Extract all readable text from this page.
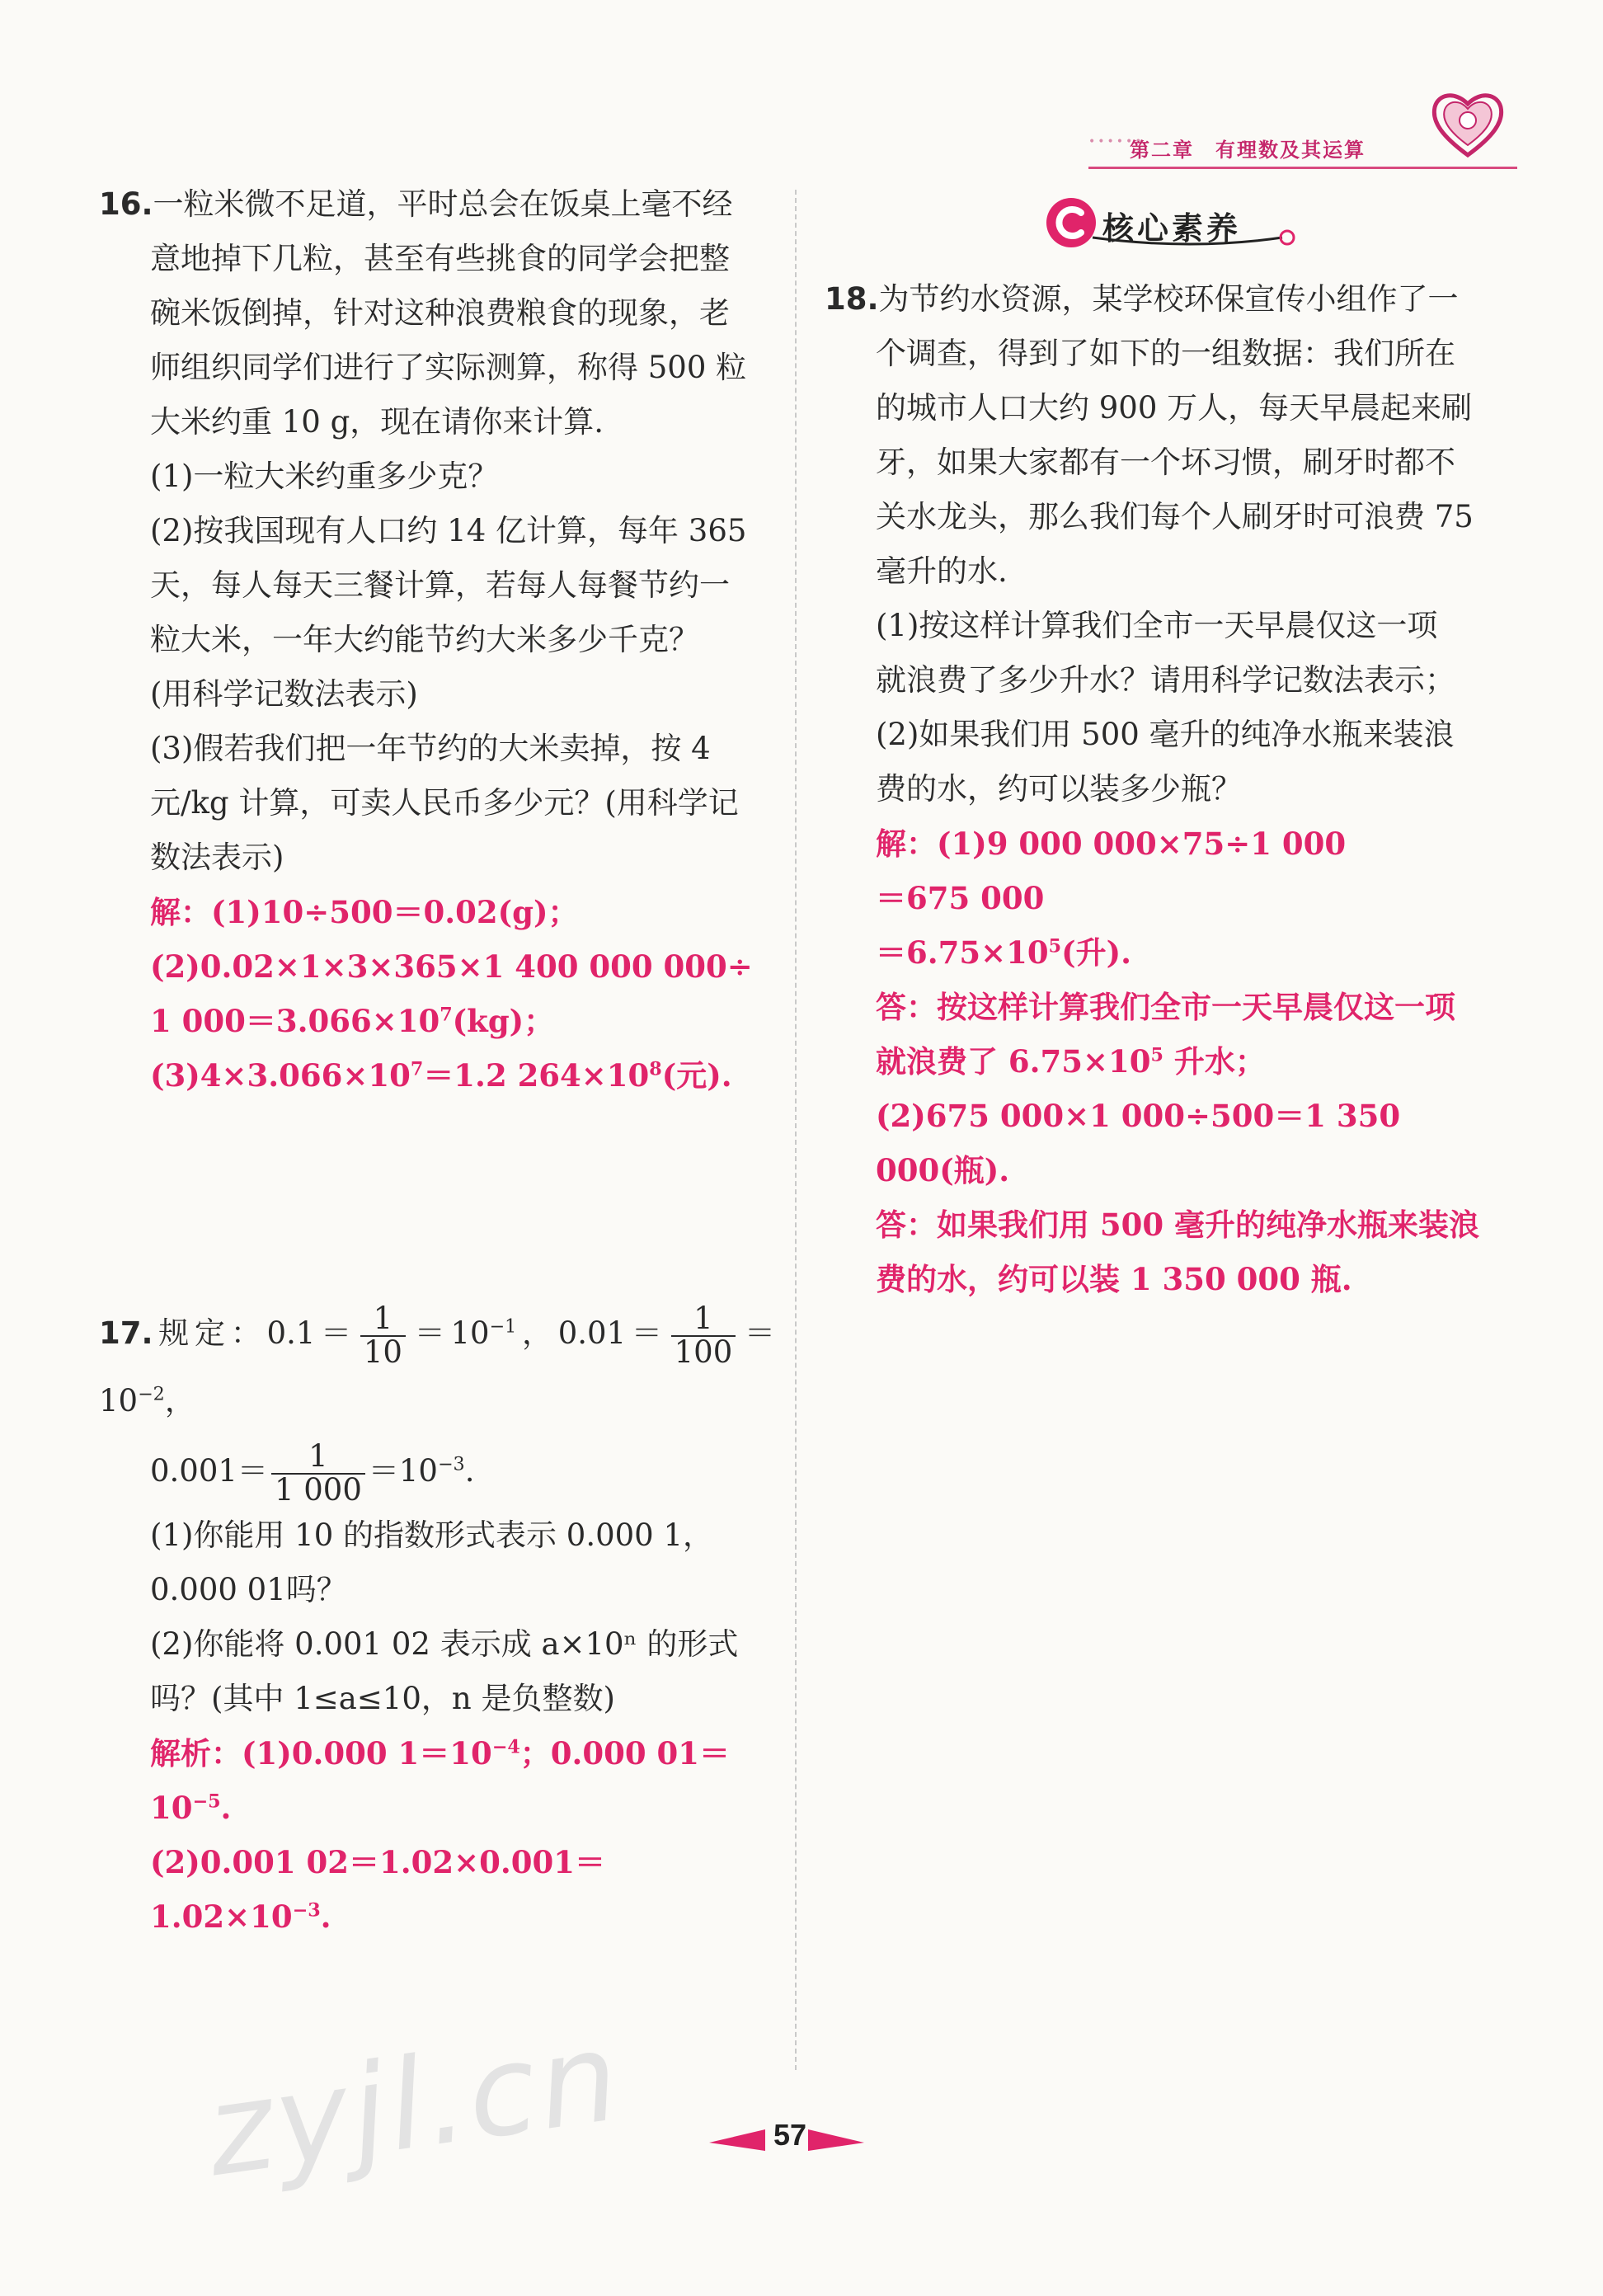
••••••
第二章　有理数及其运算

16.一粒米微不足道，平时总会在饭桌上毫不经

意地掉下几粒，甚至有些挑食的同学会把整

碗米饭倒掉，针对这种浪费粮食的现象，老

师组织同学们进行了实际测算，称得 500 粒

大米约重 10 g，现在请你来计算.

(1)一粒大米约重多少克？

(2)按我国现有人口约 14 亿计算，每年 365

天，每人每天三餐计算，若每人每餐节约一

粒大米，一年大约能节约大米多少千克？

(用科学记数法表示)

(3)假若我们把一年节约的大米卖掉，按 4

元/kg 计算，可卖人民币多少元？(用科学记

数法表示)

解：(1)10÷500＝0.02(g)；
(2)0.02×1×3×365×1 400 000 000÷
1 $000=3.066\times 10^7(kg)$；
$(3)4\times 3.066\times 10^7=1.2$ $264\times 10^8$(元).

17.规定：$0.1= \frac{1}{10} =10^{-1}$，$0.01= \frac{1}{100} =10^{-2}$，

$0.001= \frac{1}{1 000} =10^{-3}$.

(1)你能用 10 的指数形式表示 0.000 1，

0.000 01吗？

(2)你能将 0.001 02 表示成 a×10ⁿ 的形式

吗？(其中 1≤a≤10，n 是负整数)

解析：(1)0.000 $1=10^{-4}$；0.000 $01=10^{-5}$.
(2)0.001 $02=1.02\times 0.001=1.02\times 10^{-3}$.
核心素养

18.为节约水资源，某学校环保宣传小组作了一

个调查，得到了如下的一组数据：我们所在

的城市人口大约 900 万人，每天早晨起来刷

牙，如果大家都有一个坏习惯，刷牙时都不

关水龙头，那么我们每个人刷牙时可浪费 75

毫升的水.

(1)按这样计算我们全市一天早晨仅这一项

就浪费了多少升水？请用科学记数法表示；

(2)如果我们用 500 毫升的纯净水瓶来装浪

费的水，约可以装多少瓶？

解：(1)9 000 000×75÷1 000
＝675 000
$=6.75\times 10^5$(升).
答：按这样计算我们全市一天早晨仅这一项
就浪费了 $6.75\times 10^5$ 升水；
(2)675 000×1 000÷500＝1 350 000(瓶).
答：如果我们用 500 毫升的纯净水瓶来装浪
费的水，约可以装 1 350 000 瓶.
zyjl.cn	57
